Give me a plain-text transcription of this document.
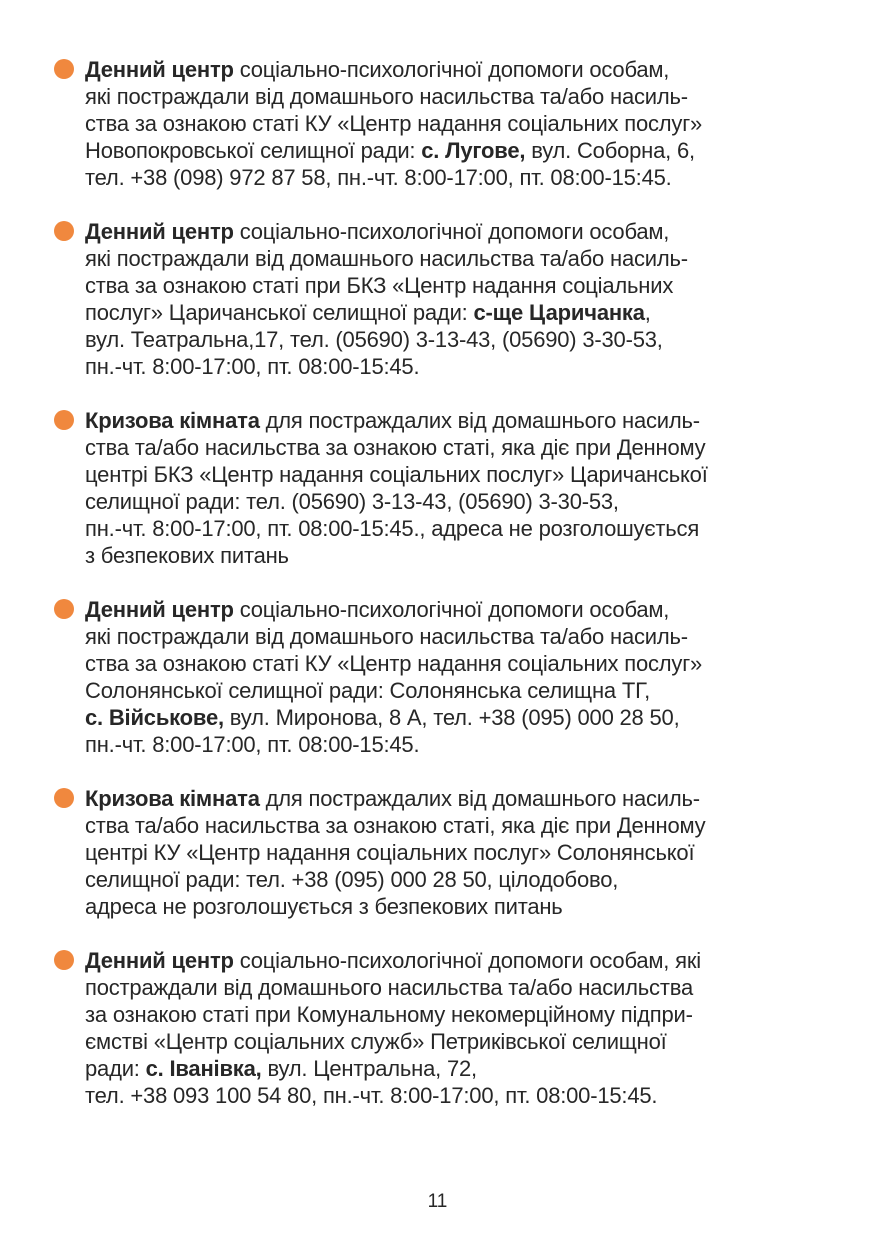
Денний центр соціально-психологічної допомоги особам,
які постраждали від домашнього насильства та/або насиль-
ства за ознакою статі КУ «Центр надання соціальних послуг»
Новопокровської селищної ради: с. Лугове, вул. Соборна, 6,
тел. +38 (098) 972 87 58, пн.-чт. 8:00-17:00, пт. 08:00-15:45.
Денний центр соціально-психологічної допомоги особам,
які постраждали від домашнього насильства та/або насиль-
ства за ознакою статі при БКЗ «Центр надання соціальних
послуг» Царичанської селищної ради: с-ще Царичанка,
вул. Театральна,17, тел. (05690) 3-13-43, (05690) 3-30-53,
пн.-чт. 8:00-17:00, пт. 08:00-15:45.
Кризова кімната для постраждалих від домашнього насиль-
ства та/або насильства за ознакою статі, яка діє при Денному
центрі БКЗ «Центр надання соціальних послуг» Царичанської
селищної ради: тел. (05690) 3-13-43, (05690) 3-30-53,
пн.-чт. 8:00-17:00, пт. 08:00-15:45., адреса не розголошується
з безпекових питань
Денний центр соціально-психологічної допомоги особам,
які постраждали від домашнього насильства та/або насиль-
ства за ознакою статі КУ «Центр надання соціальних послуг»
Солонянської селищної ради: Солонянська селищна ТГ,
с. Військове, вул. Миронова, 8 А, тел. +38 (095) 000 28 50,
пн.-чт. 8:00-17:00, пт. 08:00-15:45.
Кризова кімната для постраждалих від домашнього насиль-
ства та/або насильства за ознакою статі, яка діє при Денному
центрі КУ «Центр надання соціальних послуг» Солонянської
селищної ради: тел. +38 (095) 000 28 50, цілодобово,
адреса не розголошується з безпекових питань
Денний центр соціально-психологічної допомоги особам, які
постраждали від домашнього насильства та/або насильства
за ознакою статі при Комунальному некомерційному підпри-
ємстві «Центр соціальних служб» Петриківської селищної
ради: с. Іванівка, вул. Центральна, 72,
тел. +38 093 100 54 80, пн.-чт. 8:00-17:00, пт. 08:00-15:45.
11
